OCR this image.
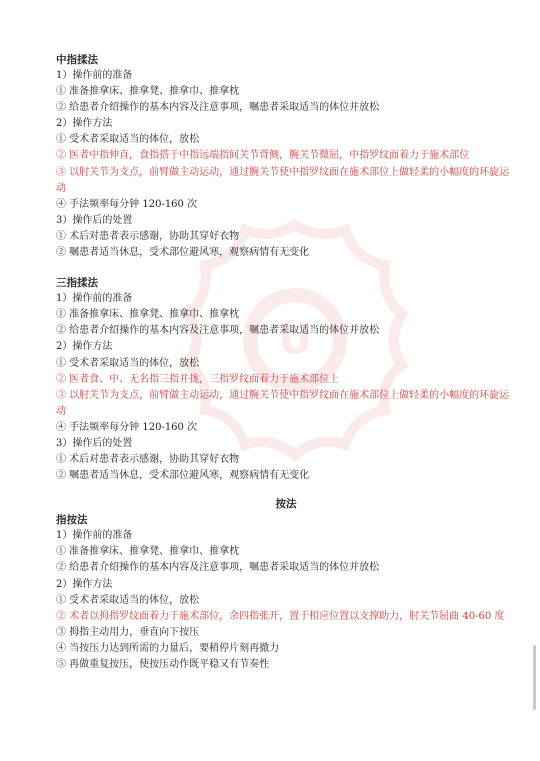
U
中指揉法
1）操作前的准备
① 准备推拿床、推拿凳、推拿巾、推拿枕
② 给患者介绍操作的基本内容及注意事项，嘱患者采取适当的体位并放松
2）操作方法
① 受术者采取适当的体位，放松
② 医者中指伸直，食指搭于中指远端指间关节背侧，腕关节微屈，中指罗纹面着力于施术部位
③ 以肘关节为支点，前臂做主动运动，通过腕关节使中指罗纹面在施术部位上做轻柔的小幅度的环旋运动
④ 手法频率每分钟 120-160 次
3）操作后的处置
① 术后对患者表示感谢，协助其穿好衣物
② 嘱患者适当休息，受术部位避风寒，观察病情有无变化
三指揉法
1）操作前的准备
① 准备推拿床、推拿凳、推拿巾、推拿枕
② 给患者介绍操作的基本内容及注意事项，嘱患者采取适当的体位并放松
2）操作方法
① 受术者采取适当的体位，放松
② 医者食、中、无名指三指并拢，三指罗纹面着力于施术部位上
③ 以肘关节为支点，前臂做主动运动，通过腕关节使中指罗纹面在施术部位上做轻柔的小幅度的环旋运动
④ 手法频率每分钟 120-160 次
3）操作后的处置
① 术后对患者表示感谢，协助其穿好衣物
② 嘱患者适当休息，受术部位避风寒，观察病情有无变化
按法
指按法
1）操作前的准备
① 准备推拿床、推拿凳、推拿巾、推拿枕
② 给患者介绍操作的基本内容及注意事项，嘱患者采取适当的体位并放松
2）操作方法
① 受术者采取适当的体位，放松
② 术者以拇指罗纹面着力于施术部位，余四指张开，置于相应位置以支撑助力，肘关节屈曲 40-60 度
③ 拇指主动用力，垂直向下按压
④ 当按压力达到所需的力量后，要稍停片刻再撤力
⑤ 再做重复按压，使按压动作既平稳又有节奏性
